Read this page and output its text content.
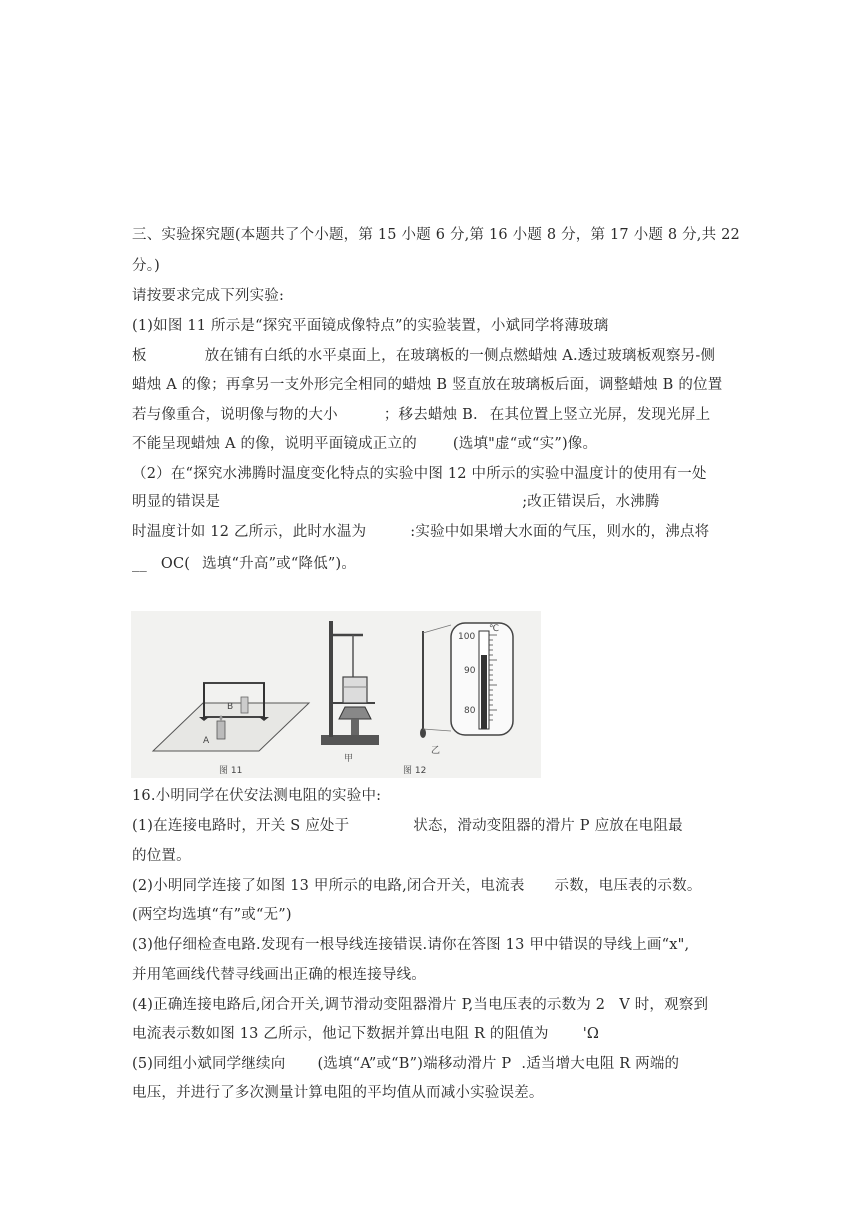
三、实验探究题(本题共了个小题，第 15 小题 6 分,第 16 小题 8 分，第 17 小题 8 分,共 22
分。)
请按要求完成下列实验:
(1)如图 11 所示是“探究平面镜成像特点”的实验装置，小斌同学将薄玻璃
板	放在铺有白纸的水平桌面上，在玻璃板的一侧点燃蜡烛 A.透过玻璃板观察另-侧
蜡烛 A 的像；再拿另一支外形完全相同的蜡烛 B 竖直放在玻璃板后面，调整蜡烛 B 的位置
若与像重合，说明像与物的大小	；移去蜡烛 B. 在其位置上竖立光屏，发现光屏上
不能呈现蜡烛 A 的像，说明平面镜成正立的 (选填"虚“或“实”)像。
（2）在“探究水沸腾时温度变化特点的实验中图 12 中所示的实验中温度计的使用有一处
明显的错误是	;改正错误后，水沸腾
时温度计如 12 乙所示，此时水温为	:实验中如果增大水面的气压，则水的，沸点将
__ OC( 选填“升高”或“降低”)。
A
B
图 11
甲
图 12
100
℃
90
80
乙
16.小明同学在伏安法测电阻的实验中:
(1)在连接电路时，开关 S 应处于	状态，滑动变阻器的滑片 P 应放在电阻最
的位置。
(2)小明同学连接了如图 13 甲所示的电路,闭合开关，电流表 示数，电压表的示数。
(两空均选填“有”或“无”)
(3)他仔细检查电路.发现有一根导线连接错误.请你在答图 13 甲中错误的导线上画“x",
并用笔画线代替寻线画出正确的根连接导线。
(4)正确连接电路后,闭合开关,调节滑动变阻器滑片 P,当电压表的示数为 2 V 时，观察到
电流表示数如图 13 乙所示，他记下数据并算出电阻 R 的阻值为 'Ω
(5)同组小斌同学继续向 (选填“A”或“B”)端移动滑片 P .适当增大电阻 R 两端的
电压，并进行了多次测量计算电阻的平均值从而减小实验误差。
